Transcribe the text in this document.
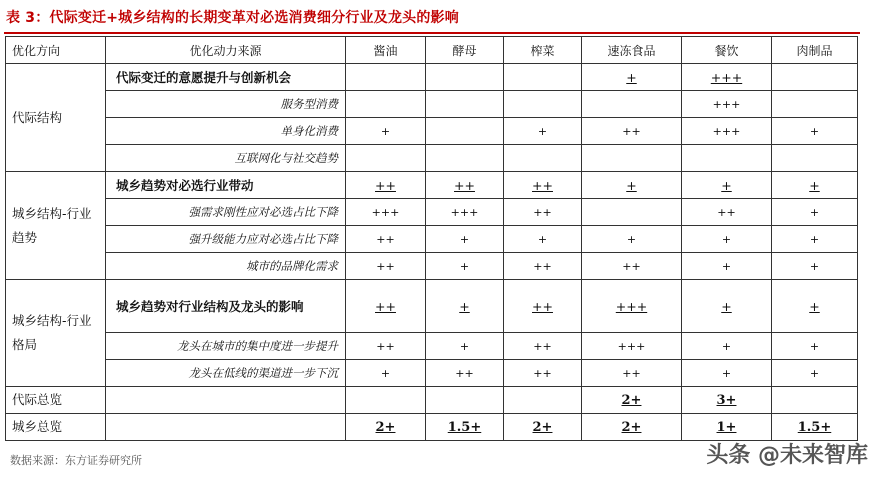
表 3：代际变迁+城乡结构的长期变革对必选消费细分行业及龙头的影响
优化方向	优化动力来源	酱油	酵母	榨菜	速冻食品	餐饮	肉制品
代际结构	代际变迁的意愿提升与创新机会				+	+++	
	服务型消费					+++	
	单身化消费	+		+	++	+++	+
	互联网化与社交趋势						
城乡结构-行业趋势	城乡趋势对必选行业带动	++	++	++	+	+	+
	强需求刚性应对必选占比下降	+++	+++	++		++	+
	强升级能力应对必选占比下降	++	+	+	+	+	+
	城市的品牌化需求	++	+	++	++	+	+
城乡结构-行业格局	城乡趋势对行业结构及龙头的影响	++	+	++	+++	+	+
	龙头在城市的集中度进一步提升	++	+	++	+++	+	+
	龙头在低线的渠道进一步下沉	+	++	++	++	+	+
代际总览					2+	3+	
城乡总览		2+	1.5+	2+	2+	1+	1.5+
数据来源：东方证券研究所	头条 @未来智库
